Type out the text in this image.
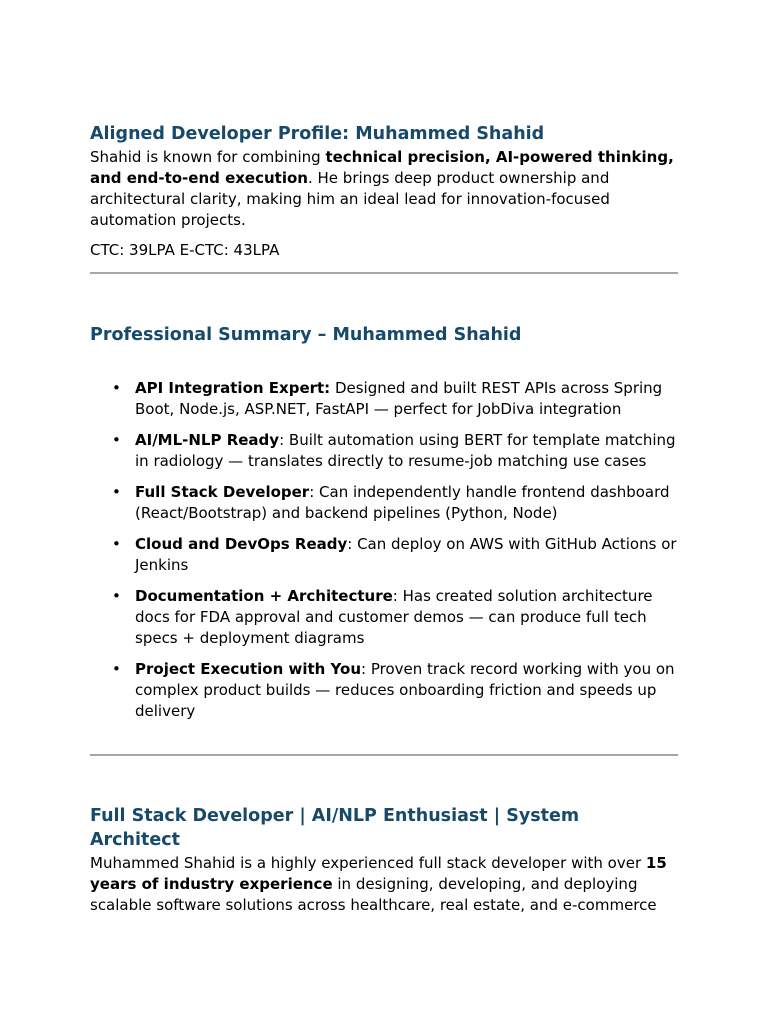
Aligned Developer Profile: Muhammed Shahid

Shahid is known for combining technical precision, AI-powered thinking, and end-to-end execution. He brings deep product ownership and architectural clarity, making him an ideal lead for innovation-focused automation projects.

CTC: 39LPA E-CTC: 43LPA

Professional Summary – Muhammed Shahid
• API Integration Expert: Designed and built REST APIs across Spring Boot, Node.js, ASP.NET, FastAPI — perfect for JobDiva integration
• AI/ML-NLP Ready: Built automation using BERT for template matching in radiology — translates directly to resume-job matching use cases
• Full Stack Developer: Can independently handle frontend dashboard (React/Bootstrap) and backend pipelines (Python, Node)
• Cloud and DevOps Ready: Can deploy on AWS with GitHub Actions or Jenkins
• Documentation + Architecture: Has created solution architecture docs for FDA approval and customer demos — can produce full tech specs + deployment diagrams
• Project Execution with You: Proven track record working with you on complex product builds — reduces onboarding friction and speeds up delivery
Full Stack Developer | AI/NLP Enthusiast | System Architect

Muhammed Shahid is a highly experienced full stack developer with over 15 years of industry experience in designing, developing, and deploying scalable software solutions across healthcare, real estate, and e-commerce
